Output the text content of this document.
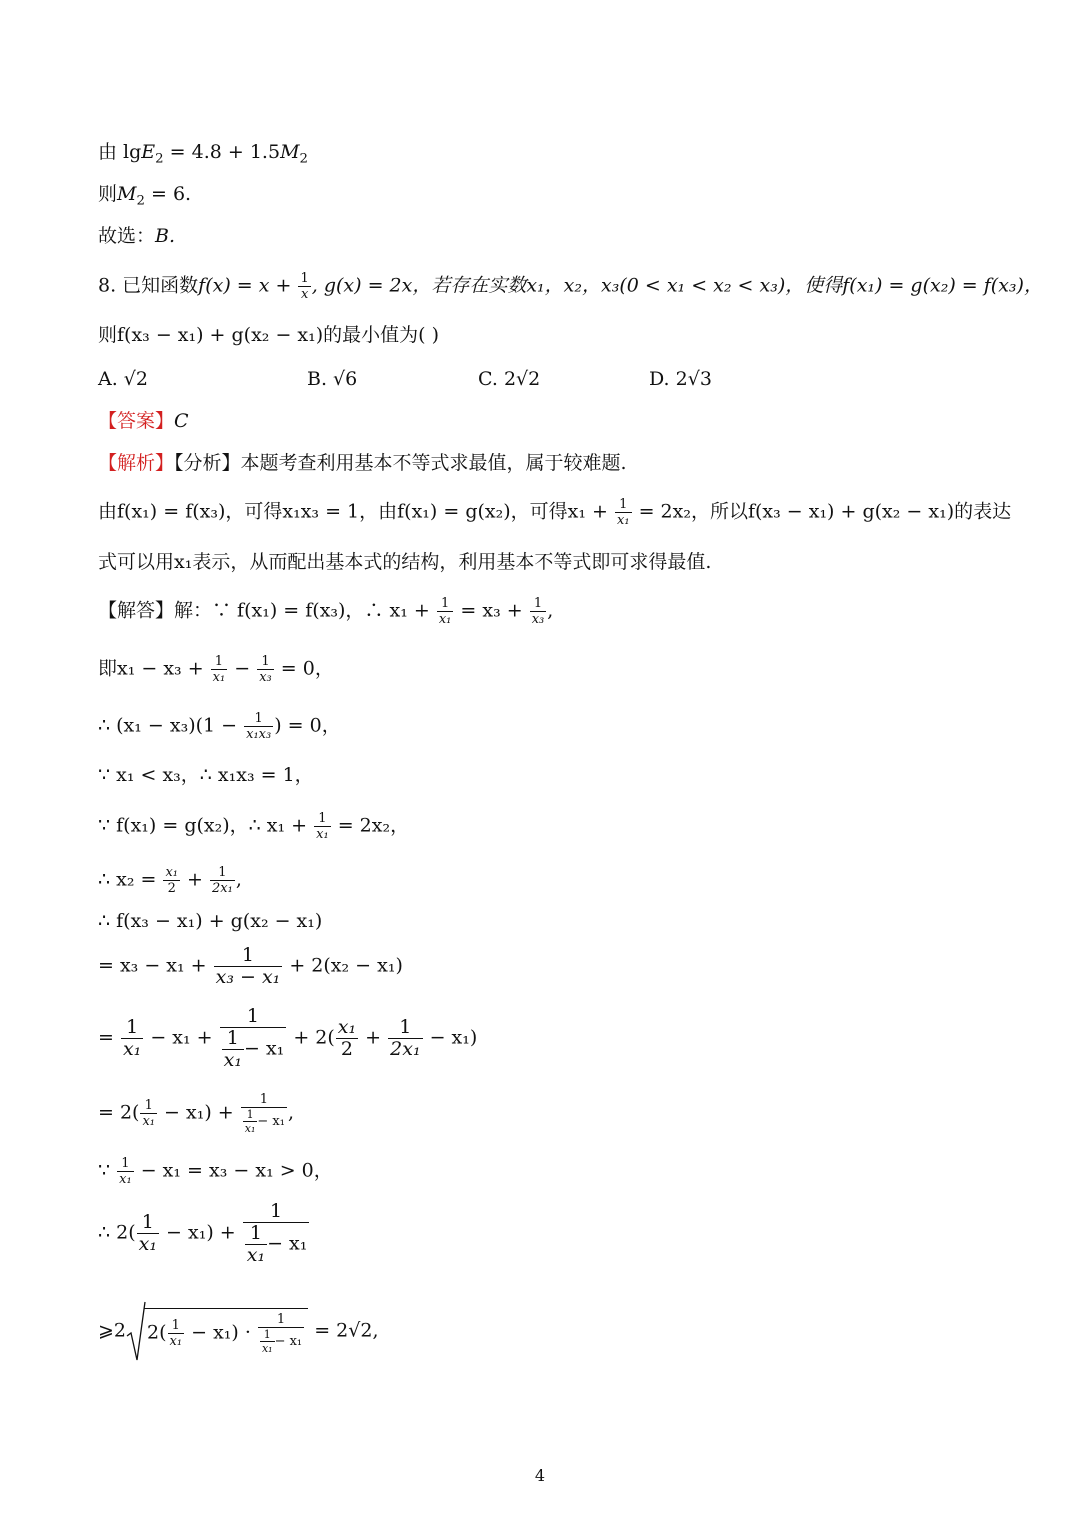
由 $\lg E_2 = 4.8 + 1.5M_2$
则$M_2 = 6$.
故选：B.
8. 已知函数$f(x) = x + \frac{1}{x}$ , g(x) = 2x，若存在实数x₁，x₂，x₃(0 < x₁ < x₂ < x₃)，使得f(x₁) = g(x₂) = f(x₃)，
则f(x₃ − x₁) + g(x₂ − x₁)的最小值为( )
A. √2	B. √6	C. 2√2	D. 2√3
【答案】C
【解析】【分析】本题考查利用基本不等式求最值，属于较难题.
由f(x₁) = f(x₃)，可得x₁x₃ = 1，由f(x₁) = g(x₂)，可得$x_1 + \frac{1}{\text{x₁}} = 2x_2$，所以f(x₃ − x₁) + g(x₂ − x₁)的表达
式可以用x₁表示，从而配出基本式的结构，利用基本不等式即可求得最值.
【解答】解：∵ f(x₁) = f(x₃)，∴ $x_1 + \frac{1}{\text{x₁}} = x_3 + \frac{1}{\text{x₃}}$ ,
即$x_1 - x_3 + \frac{1}{\text{x₁}} - \frac{1}{\text{x₃}} = 0$，
∴ $(x_1 - x_3)(1 - \frac{1}{\text{x₁x₃}}$ ) = 0，
∵ x₁ < x₃，∴ x₁x₃ = 1，
∵ f(x₁) = g(x₂)，∴ $x_1 + \frac{1}{\text{x₁}} = 2x_2$，
∴ $x_2 = \frac{\text{x₁}}{2} + \frac{1}{\text{2x₁}}$ ,
∴ f(x₃ − x₁) + g(x₂ − x₁)
= $x_3 - x_1 + \frac{1}{\text{x₃ − x₁}} + 2(x_2 - x_1)$
= $\frac{1}{\text{x₁}} - x_1 + \frac{1}{\frac{1}{\text{x₁}} - x_1} + 2( \frac{\text{x₁}}{2} + \frac{1}{\text{2x₁}} - x_1)$
= $2( \frac{1}{\text{x₁}} - x_1) + \frac{1}{\frac{1}{\text{x₁}} - x_1}$ ,
∵ $\frac{1}{\text{x₁}} - x_1 = x_3 - x_1 > 0$，
∴ $2( \frac{1}{\text{x₁}} - x_1) + \frac{1}{\frac{1}{\text{x₁}} - x_1}$
⩾2 $2( \frac{1}{\text{x₁}} - x_1) \cdot \frac{1}{\frac{1}{\text{x₁}} - x_1} = 2√2$,
4
